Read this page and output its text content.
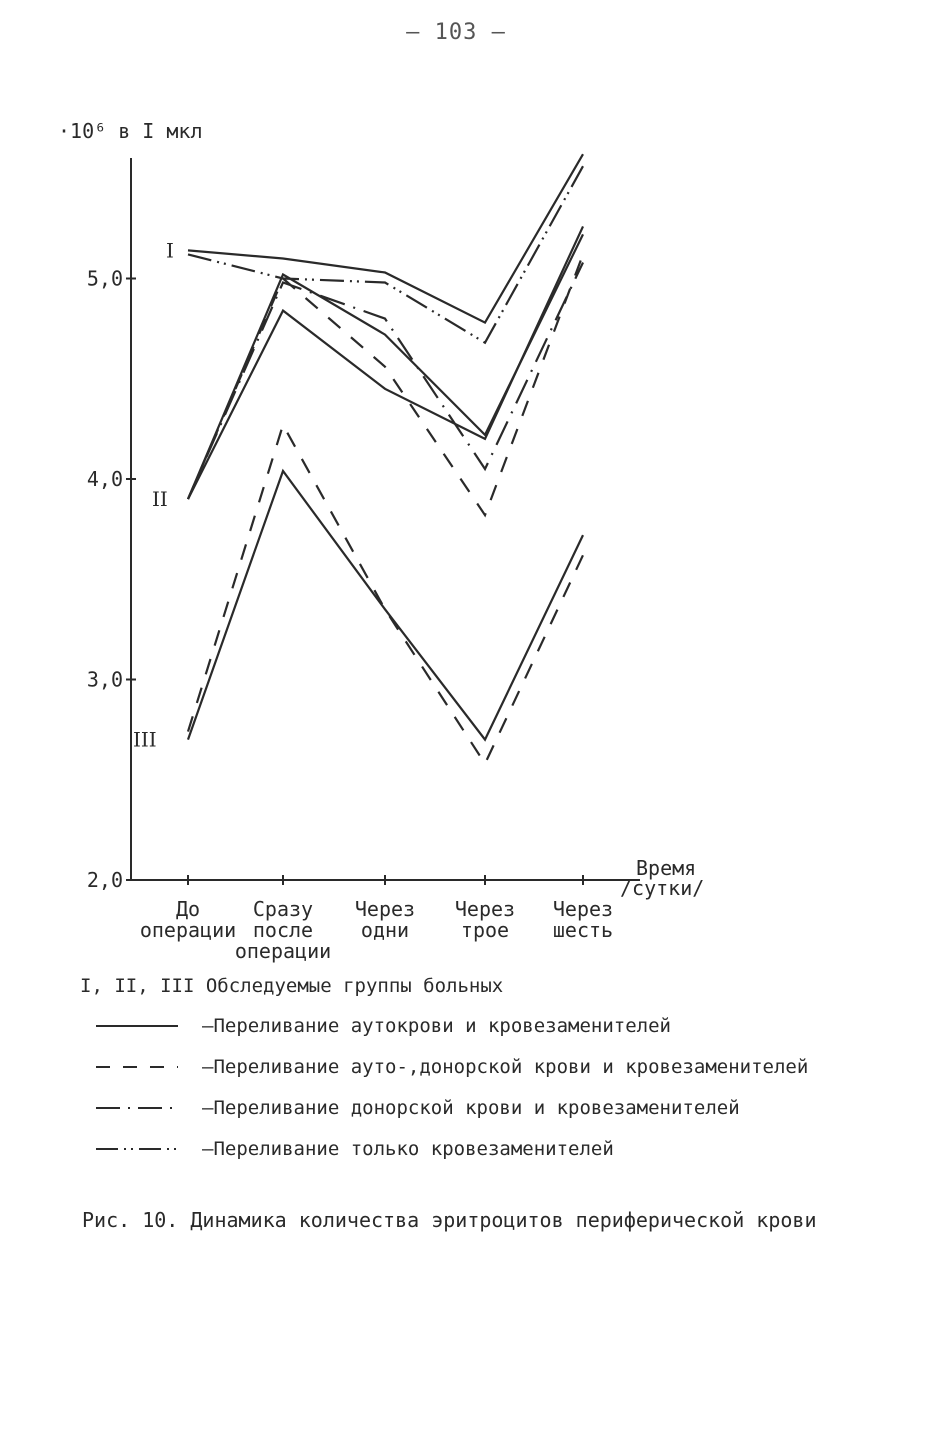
– 103 –
·10⁶ в I мкл
2,0
3,0
4,0
5,0
До операции
Сразу после операции
Через одни
Через трое
Через шесть
I
II
III
Время /сутки/
I, II, III Обследуемые группы больных
–Переливание аутокрови и кровезаменителей
–Переливание ауто-,донорской крови и кровезаменителей
–Переливание донорской крови и кровезаменителей
–Переливание только кровезаменителей
Рис. 10. Динамика количества эритроцитов периферической крови
